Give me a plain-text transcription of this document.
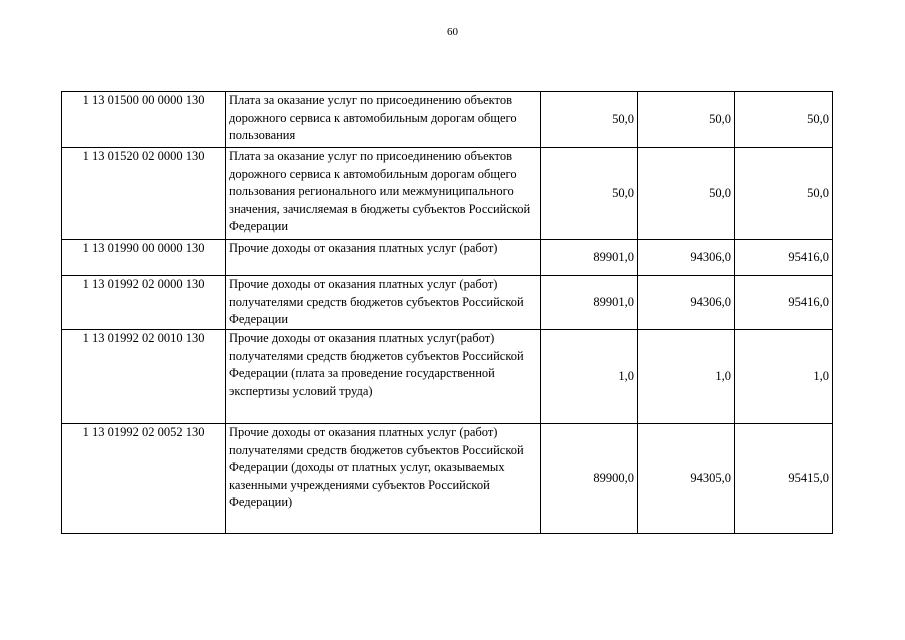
60
1 13 01500 00 0000 130	Плата за оказание услуг по присоединению объектов дорожного сервиса к автомобильным дорогам общего пользования	50,0	50,0	50,0
1 13 01520 02 0000 130	Плата за оказание услуг по присоединению объектов дорожного сервиса к автомобильным дорогам общего пользования регионального или межмуниципального значения, зачисляемая в бюджеты субъектов Российской Федерации	50,0	50,0	50,0
1 13 01990 00 0000 130	Прочие доходы от оказания платных услуг (работ)	89901,0	94306,0	95416,0
1 13 01992 02 0000 130	Прочие доходы от оказания платных услуг (работ) получателями средств бюджетов субъектов Российской Федерации	89901,0	94306,0	95416,0
1 13 01992 02 0010 130	Прочие доходы от оказания платных услуг(работ) получателями средств бюджетов субъектов Российской Федерации (плата за проведение государственной экспертизы условий труда)	1,0	1,0	1,0
1 13 01992 02 0052 130	Прочие доходы от оказания платных услуг (работ) получателями средств бюджетов субъектов Российской Федерации (доходы от платных услуг, оказываемых казенными учреждениями субъектов Российской Федерации)	89900,0	94305,0	95415,0
